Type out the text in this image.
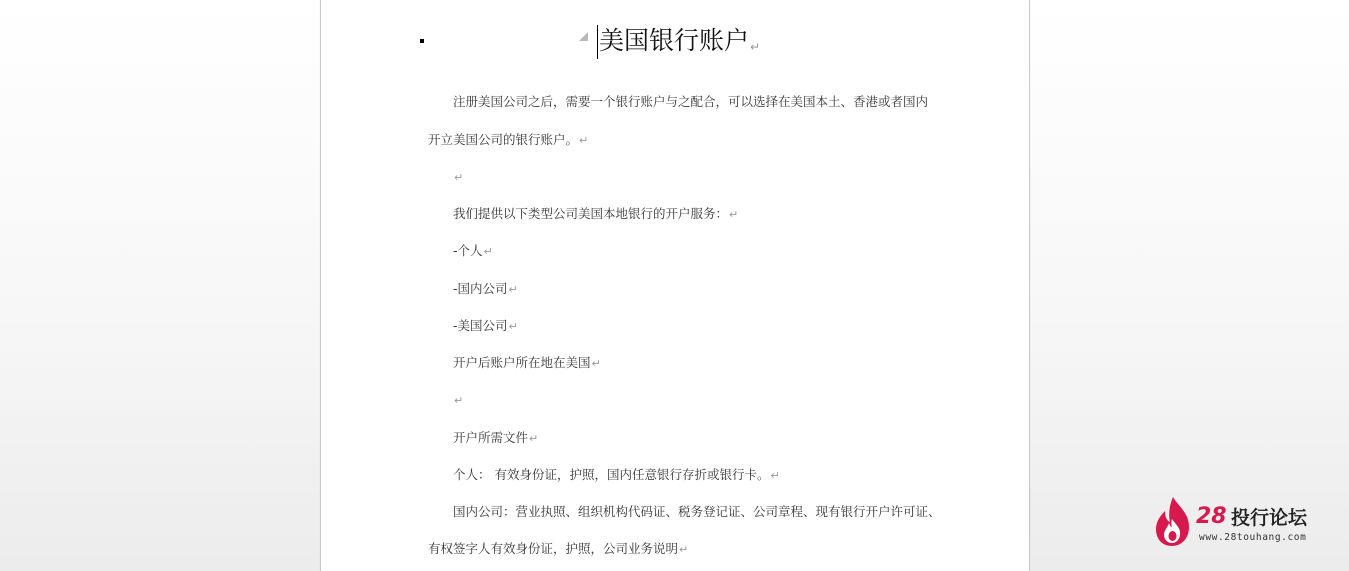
美国银行账户↵
注册美国公司之后，需要一个银行账户与之配合，可以选择在美国本土、香港或者国内
开立美国公司的银行账户。↵
↵
我们提供以下类型公司美国本地银行的开户服务：↵
-个人↵
-国内公司↵
-美国公司↵
开户后账户所在地在美国↵
↵
开户所需文件↵
个人： 有效身份证，护照，国内任意银行存折或银行卡。↵
国内公司：营业执照、组织机构代码证、税务登记证、公司章程、现有银行开户许可证、
有权签字人有效身份证，护照，公司业务说明↵
28 投行论坛
www.28touhang.com
